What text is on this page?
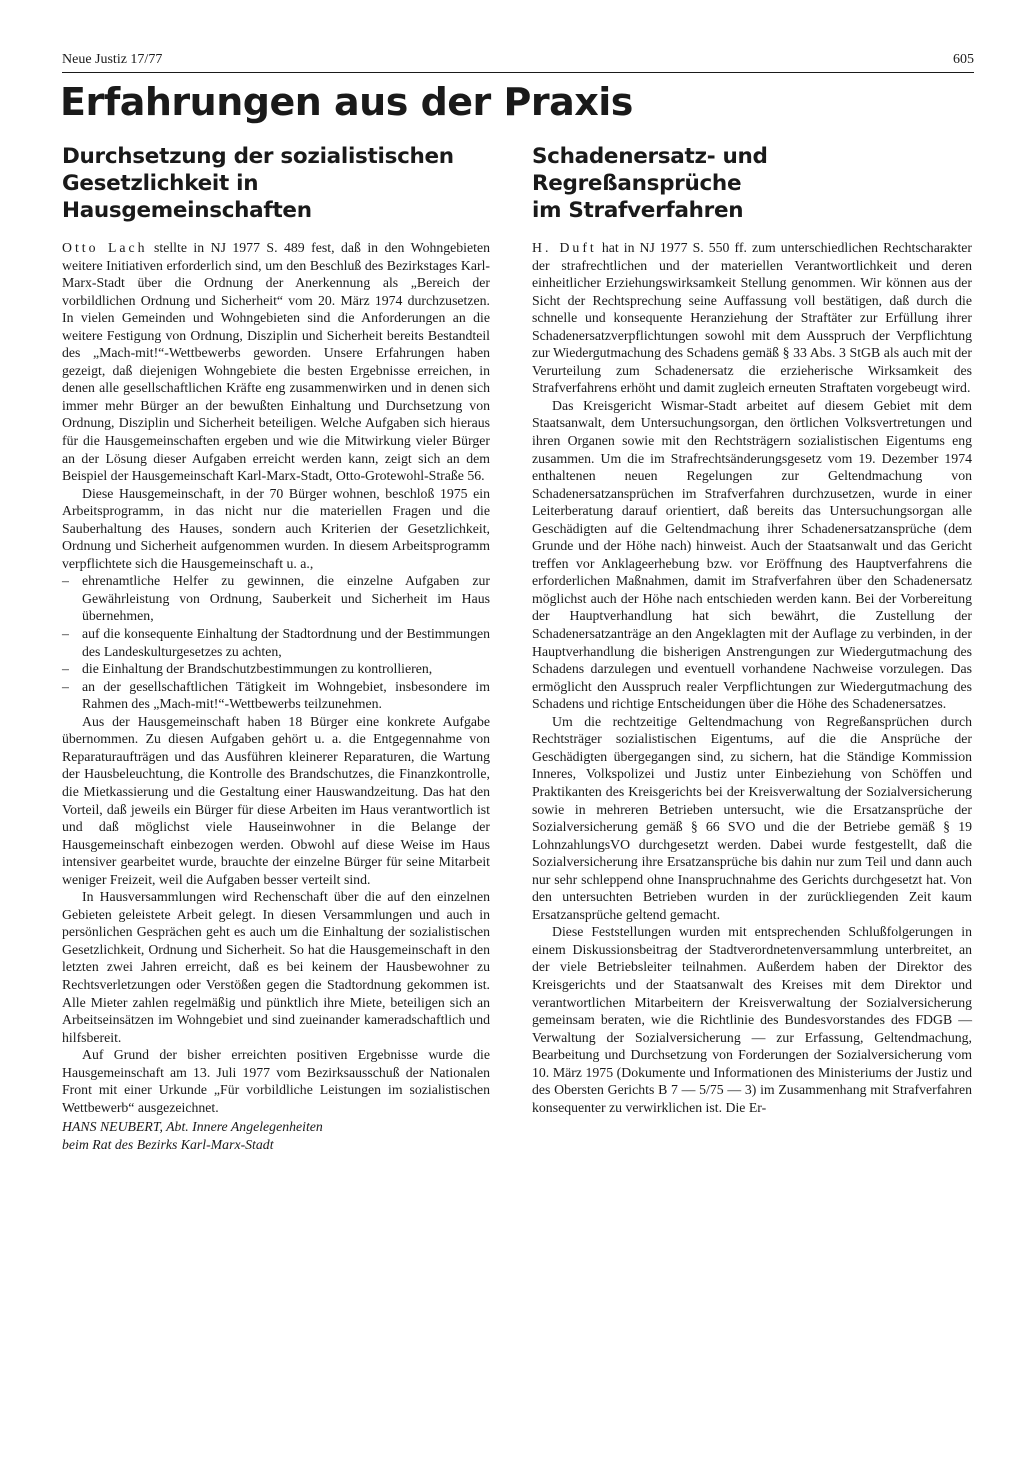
Neue Justiz 17/77	605
Erfahrungen aus der Praxis
Durchsetzung der sozialistischen
Gesetzlichkeit in Hausgemeinschaften

Otto Lach stellte in NJ 1977 S. 489 fest, daß in den Wohngebieten weitere Initiativen erforderlich sind, um den Beschluß des Bezirkstages Karl-Marx-Stadt über die Ordnung der Anerkennung als „Bereich der vorbildlichen Ordnung und Sicherheit“ vom 20. März 1974 durchzusetzen. In vielen Gemeinden und Wohngebieten sind die Anforderungen an die weitere Festigung von Ordnung, Disziplin und Sicherheit bereits Bestandteil des „Mach-mit!“-Wettbewerbs geworden. Unsere Erfahrungen haben gezeigt, daß diejenigen Wohngebiete die besten Ergebnisse erreichen, in denen alle gesellschaftlichen Kräfte eng zusammenwirken und in denen sich immer mehr Bürger an der bewußten Einhaltung und Durchsetzung von Ordnung, Disziplin und Sicherheit beteiligen. Welche Aufgaben sich hieraus für die Hausgemeinschaften ergeben und wie die Mitwirkung vieler Bürger an der Lösung dieser Aufgaben erreicht werden kann, zeigt sich an dem Beispiel der Hausgemeinschaft Karl-Marx-Stadt, Otto-Grotewohl-Straße 56.

Diese Hausgemeinschaft, in der 70 Bürger wohnen, beschloß 1975 ein Arbeitsprogramm, in das nicht nur die materiellen Fragen und die Sauberhaltung des Hauses, sondern auch Kriterien der Gesetzlichkeit, Ordnung und Sicherheit aufgenommen wurden. In diesem Arbeitsprogramm verpflichtete sich die Hausgemeinschaft u. a.,

– ehrenamtliche Helfer zu gewinnen, die einzelne Aufgaben zur Gewährleistung von Ordnung, Sauberkeit und Sicherheit im Haus übernehmen,
– auf die konsequente Einhaltung der Stadtordnung und der Bestimmungen des Landeskulturgesetzes zu achten,
– die Einhaltung der Brandschutzbestimmungen zu kontrollieren,
– an der gesellschaftlichen Tätigkeit im Wohngebiet, insbesondere im Rahmen des „Mach-mit!“-Wettbewerbs teilzunehmen.

Aus der Hausgemeinschaft haben 18 Bürger eine konkrete Aufgabe übernommen. Zu diesen Aufgaben gehört u. a. die Entgegennahme von Reparaturaufträgen und das Ausführen kleinerer Reparaturen, die Wartung der Hausbeleuchtung, die Kontrolle des Brandschutzes, die Finanzkontrolle, die Mietkassierung und die Gestaltung einer Hauswandzeitung. Das hat den Vorteil, daß jeweils ein Bürger für diese Arbeiten im Haus verantwortlich ist und daß möglichst viele Hauseinwohner in die Belange der Hausgemeinschaft einbezogen werden. Obwohl auf diese Weise im Haus intensiver gearbeitet wurde, brauchte der einzelne Bürger für seine Mitarbeit weniger Freizeit, weil die Aufgaben besser verteilt sind.

In Hausversammlungen wird Rechenschaft über die auf den einzelnen Gebieten geleistete Arbeit gelegt. In diesen Versammlungen und auch in persönlichen Gesprächen geht es auch um die Einhaltung der sozialistischen Gesetzlichkeit, Ordnung und Sicherheit. So hat die Hausgemeinschaft in den letzten zwei Jahren erreicht, daß es bei keinem der Hausbewohner zu Rechtsverletzungen oder Verstößen gegen die Stadtordnung gekommen ist. Alle Mieter zahlen regelmäßig und pünktlich ihre Miete, beteiligen sich an Arbeitseinsätzen im Wohngebiet und sind zueinander kameradschaftlich und hilfsbereit.

Auf Grund der bisher erreichten positiven Ergebnisse wurde die Hausgemeinschaft am 13. Juli 1977 vom Bezirksausschuß der Nationalen Front mit einer Urkunde „Für vorbildliche Leistungen im sozialistischen Wettbewerb“ ausgezeichnet.

HANS NEUBERT, Abt. Innere Angelegenheiten
beim Rat des Bezirks Karl-Marx-Stadt
Schadenersatz- und Regreßansprüche
im Strafverfahren

H. Duft hat in NJ 1977 S. 550 ff. zum unterschiedlichen Rechtscharakter der strafrechtlichen und der materiellen Verantwortlichkeit und deren einheitlicher Erziehungswirksamkeit Stellung genommen. Wir können aus der Sicht der Rechtsprechung seine Auffassung voll bestätigen, daß durch die schnelle und konsequente Heranziehung der Straftäter zur Erfüllung ihrer Schadenersatzverpflichtungen sowohl mit dem Ausspruch der Verpflichtung zur Wiedergutmachung des Schadens gemäß § 33 Abs. 3 StGB als auch mit der Verurteilung zum Schadenersatz die erzieherische Wirksamkeit des Strafverfahrens erhöht und damit zugleich erneuten Straftaten vorgebeugt wird.

Das Kreisgericht Wismar-Stadt arbeitet auf diesem Gebiet mit dem Staatsanwalt, dem Untersuchungsorgan, den örtlichen Volksvertretungen und ihren Organen sowie mit den Rechtsträgern sozialistischen Eigentums eng zusammen. Um die im Strafrechtsänderungsgesetz vom 19. Dezember 1974 enthaltenen neuen Regelungen zur Geltendmachung von Schadenersatzansprüchen im Strafverfahren durchzusetzen, wurde in einer Leiterberatung darauf orientiert, daß bereits das Untersuchungsorgan alle Geschädigten auf die Geltendmachung ihrer Schadenersatzansprüche (dem Grunde und der Höhe nach) hinweist. Auch der Staatsanwalt und das Gericht treffen vor Anklageerhebung bzw. vor Eröffnung des Hauptverfahrens die erforderlichen Maßnahmen, damit im Strafverfahren über den Schadenersatz möglichst auch der Höhe nach entschieden werden kann. Bei der Vorbereitung der Hauptverhandlung hat sich bewährt, die Zustellung der Schadenersatzanträge an den Angeklagten mit der Auflage zu verbinden, in der Hauptverhandlung die bisherigen Anstrengungen zur Wiedergutmachung des Schadens darzulegen und eventuell vorhandene Nachweise vorzulegen. Das ermöglicht den Ausspruch realer Verpflichtungen zur Wiedergutmachung des Schadens und richtige Entscheidungen über die Höhe des Schadenersatzes.

Um die rechtzeitige Geltendmachung von Regreßansprüchen durch Rechtsträger sozialistischen Eigentums, auf die die Ansprüche der Geschädigten übergegangen sind, zu sichern, hat die Ständige Kommission Inneres, Volkspolizei und Justiz unter Einbeziehung von Schöffen und Praktikanten des Kreisgerichts bei der Kreisverwaltung der Sozialversicherung sowie in mehreren Betrieben untersucht, wie die Ersatzansprüche der Sozialversicherung gemäß § 66 SVO und die der Betriebe gemäß § 19 LohnzahlungsVO durchgesetzt werden. Dabei wurde festgestellt, daß die Sozialversicherung ihre Ersatzansprüche bis dahin nur zum Teil und dann auch nur sehr schleppend ohne Inanspruchnahme des Gerichts durchgesetzt hat. Von den untersuchten Betrieben wurden in der zurückliegenden Zeit kaum Ersatzansprüche geltend gemacht.

Diese Feststellungen wurden mit entsprechenden Schlußfolgerungen in einem Diskussionsbeitrag der Stadtverordnetenversammlung unterbreitet, an der viele Betriebsleiter teilnahmen. Außerdem haben der Direktor des Kreisgerichts und der Staatsanwalt des Kreises mit dem Direktor und verantwortlichen Mitarbeitern der Kreisverwaltung der Sozialversicherung gemeinsam beraten, wie die Richtlinie des Bundesvorstandes des FDGB — Verwaltung der Sozialversicherung — zur Erfassung, Geltendmachung, Bearbeitung und Durchsetzung von Forderungen der Sozialversicherung vom 10. März 1975 (Dokumente und Informationen des Ministeriums der Justiz und des Obersten Gerichts B 7 — 5/75 — 3) im Zusammenhang mit Strafverfahren konsequenter zu verwirklichen ist. Die Er-
